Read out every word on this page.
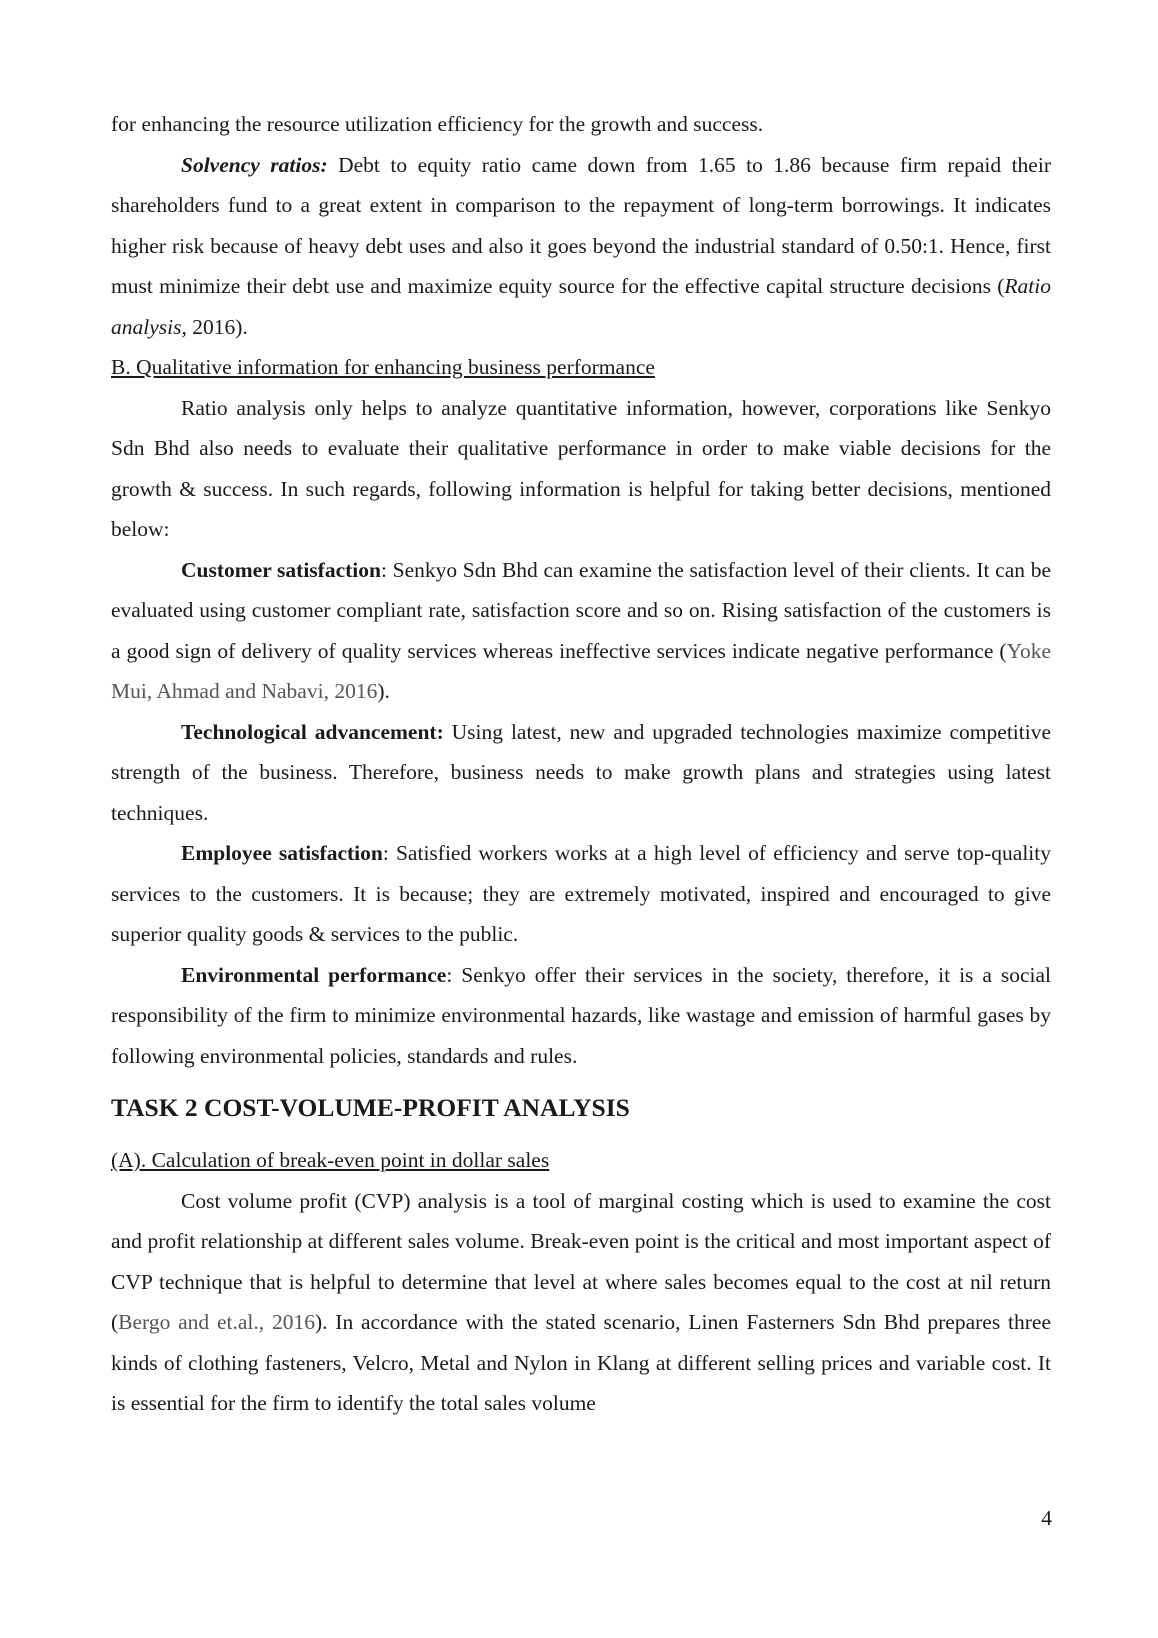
for enhancing the resource utilization efficiency for the growth and success.

Solvency ratios: Debt to equity ratio came down from 1.65 to 1.86 because firm repaid their shareholders fund to a great extent in comparison to the repayment of long-term borrowings. It indicates higher risk because of heavy debt uses and also it goes beyond the industrial standard of 0.50:1. Hence, first must minimize their debt use and maximize equity source for the effective capital structure decisions (Ratio analysis, 2016).

B. Qualitative information for enhancing business performance

Ratio analysis only helps to analyze quantitative information, however, corporations like Senkyo Sdn Bhd also needs to evaluate their qualitative performance in order to make viable decisions for the growth & success. In such regards, following information is helpful for taking better decisions, mentioned below:

Customer satisfaction: Senkyo Sdn Bhd can examine the satisfaction level of their clients. It can be evaluated using customer compliant rate, satisfaction score and so on. Rising satisfaction of the customers is a good sign of delivery of quality services whereas ineffective services indicate negative performance (Yoke Mui, Ahmad and Nabavi, 2016).

Technological advancement: Using latest, new and upgraded technologies maximize competitive strength of the business. Therefore, business needs to make growth plans and strategies using latest techniques.

Employee satisfaction: Satisfied workers works at a high level of efficiency and serve top-quality services to the customers. It is because; they are extremely motivated, inspired and encouraged to give superior quality goods & services to the public.

Environmental performance: Senkyo offer their services in the society, therefore, it is a social responsibility of the firm to minimize environmental hazards, like wastage and emission of harmful gases by following environmental policies, standards and rules.

TASK 2 COST-VOLUME-PROFIT ANALYSIS

(A). Calculation of break-even point in dollar sales

Cost volume profit (CVP) analysis is a tool of marginal costing which is used to examine the cost and profit relationship at different sales volume. Break-even point is the critical and most important aspect of CVP technique that is helpful to determine that level at where sales becomes equal to the cost at nil return (Bergo and et.al., 2016). In accordance with the stated scenario, Linen Fasterners Sdn Bhd prepares three kinds of clothing fasteners, Velcro, Metal and Nylon in Klang at different selling prices and variable cost. It is essential for the firm to identify the total sales volume

4
